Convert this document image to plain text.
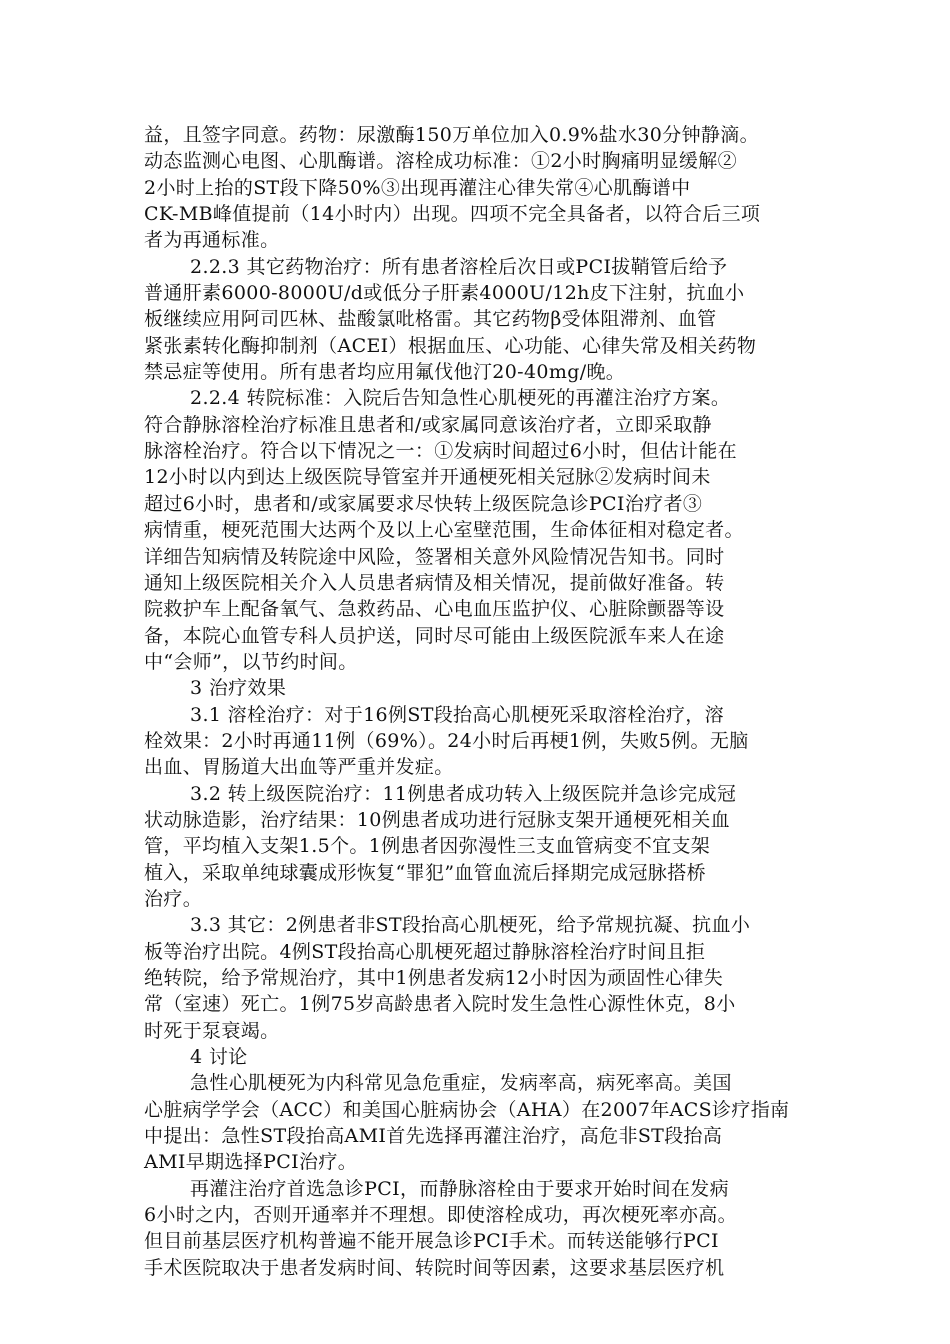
益，且签字同意。药物：尿激酶150万单位加入0.9%盐水30分钟静滴。
动态监测心电图、心肌酶谱。溶栓成功标准：①2小时胸痛明显缓解②
2小时上抬的ST段下降50%③出现再灌注心律失常④心肌酶谱中
CK-MB峰值提前（14小时内）出现。四项不完全具备者，以符合后三项
者为再通标准。
2.2.3 其它药物治疗：所有患者溶栓后次日或PCI拔鞘管后给予
普通肝素6000-8000U/d或低分子肝素4000U/12h皮下注射，抗血小
板继续应用阿司匹林、盐酸氯吡格雷。其它药物β受体阻滞剂、血管
紧张素转化酶抑制剂（ACEI）根据血压、心功能、心律失常及相关药物
禁忌症等使用。所有患者均应用氟伐他汀20-40mg/晚。
2.2.4 转院标准：入院后告知急性心肌梗死的再灌注治疗方案。
符合静脉溶栓治疗标准且患者和/或家属同意该治疗者，立即采取静
脉溶栓治疗。符合以下情况之一：①发病时间超过6小时，但估计能在
12小时以内到达上级医院导管室并开通梗死相关冠脉②发病时间未
超过6小时，患者和/或家属要求尽快转上级医院急诊PCI治疗者③
病情重，梗死范围大达两个及以上心室壁范围，生命体征相对稳定者。
详细告知病情及转院途中风险，签署相关意外风险情况告知书。同时
通知上级医院相关介入人员患者病情及相关情况，提前做好准备。转
院救护车上配备氧气、急救药品、心电血压监护仪、心脏除颤器等设
备，本院心血管专科人员护送，同时尽可能由上级医院派车来人在途
中“会师”，以节约时间。
3 治疗效果
3.1 溶栓治疗：对于16例ST段抬高心肌梗死采取溶栓治疗，溶
栓效果：2小时再通11例（69%）。24小时后再梗1例，失败5例。无脑
出血、胃肠道大出血等严重并发症。
3.2 转上级医院治疗：11例患者成功转入上级医院并急诊完成冠
状动脉造影，治疗结果：10例患者成功进行冠脉支架开通梗死相关血
管，平均植入支架1.5个。1例患者因弥漫性三支血管病变不宜支架
植入，采取单纯球囊成形恢复“罪犯”血管血流后择期完成冠脉搭桥
治疗。
3.3 其它：2例患者非ST段抬高心肌梗死，给予常规抗凝、抗血小
板等治疗出院。4例ST段抬高心肌梗死超过静脉溶栓治疗时间且拒
绝转院，给予常规治疗，其中1例患者发病12小时因为顽固性心律失
常（室速）死亡。1例75岁高龄患者入院时发生急性心源性休克，8小
时死于泵衰竭。
4 讨论
急性心肌梗死为内科常见急危重症，发病率高，病死率高。美国
心脏病学学会（ACC）和美国心脏病协会（AHA）在2007年ACS诊疗指南
中提出：急性ST段抬高AMI首先选择再灌注治疗，高危非ST段抬高
AMI早期选择PCI治疗。
再灌注治疗首选急诊PCI，而静脉溶栓由于要求开始时间在发病
6小时之内，否则开通率并不理想。即使溶栓成功，再次梗死率亦高。
但目前基层医疗机构普遍不能开展急诊PCI手术。而转送能够行PCI
手术医院取决于患者发病时间、转院时间等因素，这要求基层医疗机
